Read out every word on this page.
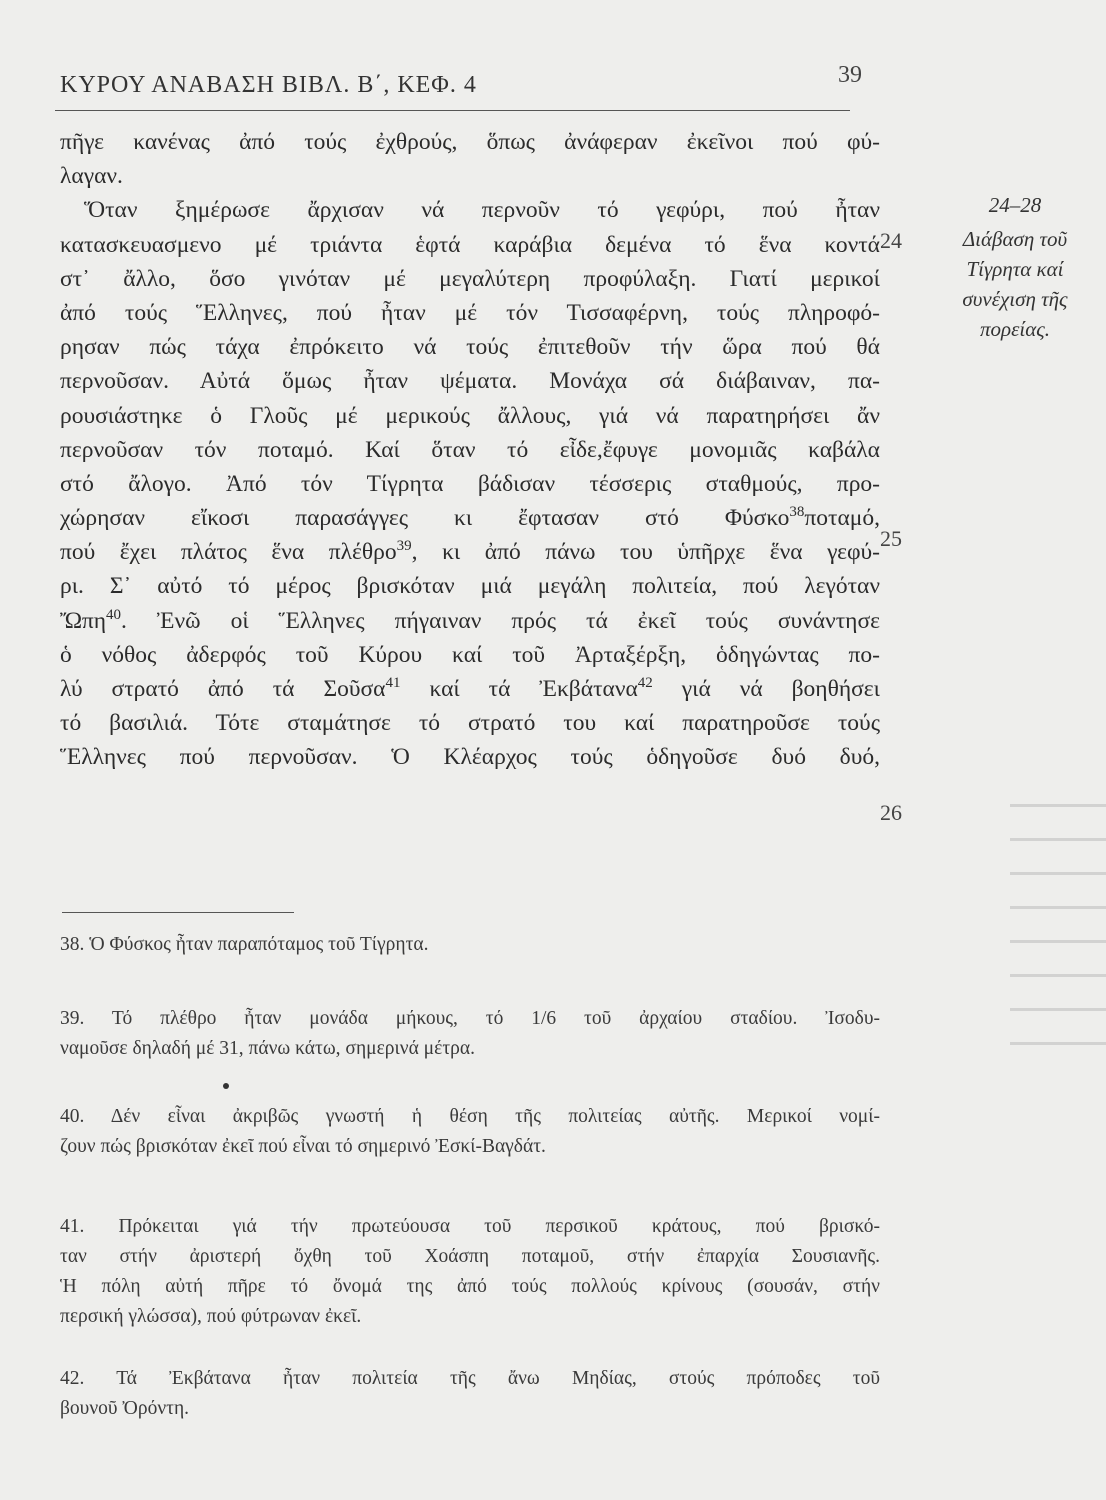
ΚΥΡΟΥ ΑΝΑΒΑΣΗ ΒΙΒΛ. Β΄, ΚΕΦ. 4	39
πῆγε κανένας ἀπό τούς ἐχθρούς, ὅπως ἀνάφεραν ἐκεῖνοι πού φύ-
λαγαν.
Ὅταν ξημέρωσε ἄρχισαν νά περνοῦν τό γεφύρι, πού ἦταν
κατασκευασμενο μέ τριάντα ἑφτά καράβια δεμένα τό ἕνα κοντά
στ᾽ ἄλλο, ὅσο γινόταν μέ μεγαλύτερη προφύλαξη. Γιατί μερικοί
ἀπό τούς Ἕλληνες, πού ἦταν μέ τόν Τισσαφέρνη, τούς πληροφό-
ρησαν πώς τάχα ἐπρόκειτο νά τούς ἐπιτεθοῦν τήν ὥρα πού θά
περνοῦσαν. Αὐτά ὅμως ἦταν ψέματα. Μονάχα σά διάβαιναν, πα-
ρουσιάστηκε ὁ Γλοῦς μέ μερικούς ἄλλους, γιά νά παρατηρήσει ἄν
περνοῦσαν τόν ποταμό. Καί ὅταν τό εἶδε,ἔφυγε μονομιᾶς καβάλα
στό ἄλογο. Ἀπό τόν Τίγρητα βάδισαν τέσσερις σταθμούς, προ-
χώρησαν εἴκοσι παρασάγγες κι ἔφτασαν στό Φύσκο$^{38}$ποταμό,
πού ἔχει πλάτος ἕνα πλέθρο$^{39}$, κι ἀπό πάνω του ὑπῆρχε ἕνα γεφύ-
ρι. Σ᾽ αὐτό τό μέρος βρισκόταν μιά μεγάλη πολιτεία, πού λεγόταν
Ὤπη$^{40}$. Ἐνῶ οἱ Ἕλληνες πήγαιναν πρός τά ἐκεῖ τούς συνάντησε
ὁ νόθος ἀδερφός τοῦ Κύρου καί τοῦ Ἀρταξέρξη, ὁδηγώντας πο-
λύ στρατό ἀπό τά Σοῦσα$^{41}$ καί τά Ἐκβάτανα$^{42}$ γιά νά βοηθήσει
τό βασιλιά. Τότε σταμάτησε τό στρατό του καί παρατηροῦσε τούς
Ἕλληνες πού περνοῦσαν. Ὁ Κλέαρχος τούς ὁδηγοῦσε δυό δυό,
24
25
26
24–28
Διάβαση τοῦ
Τίγρητα καί
συνέχιση τῆς
πορείας.
38. Ὁ Φύσκος ἦταν παραπόταμος τοῦ Τίγρητα.
39. Τό πλέθρο ἦταν μονάδα μήκους, τό 1/6 τοῦ ἀρχαίου σταδίου. Ἰσοδυ-
ναμοῦσε δηλαδή μέ 31, πάνω κάτω, σημερινά μέτρα.
40. Δέν εἶναι ἀκριβῶς γνωστή ἡ θέση τῆς πολιτείας αὐτῆς. Μερικοί νομί-
ζουν πώς βρισκόταν ἐκεῖ πού εἶναι τό σημερινό Ἐσκί-Βαγδάτ.
41. Πρόκειται γιά τήν πρωτεύουσα τοῦ περσικοῦ κράτους, πού βρισκό-
ταν στήν ἀριστερή ὄχθη τοῦ Χοάσπη ποταμοῦ, στήν ἐπαρχία Σουσιανῆς.
Ἡ πόλη αὐτή πῆρε τό ὄνομά της ἀπό τούς πολλούς κρίνους (σουσάν, στήν
περσική γλώσσα), πού φύτρωναν ἐκεῖ.
42. Τά Ἐκβάτανα ἦταν πολιτεία τῆς ἄνω Μηδίας, στούς πρόποδες τοῦ
βουνοῦ Ὀρόντη.
